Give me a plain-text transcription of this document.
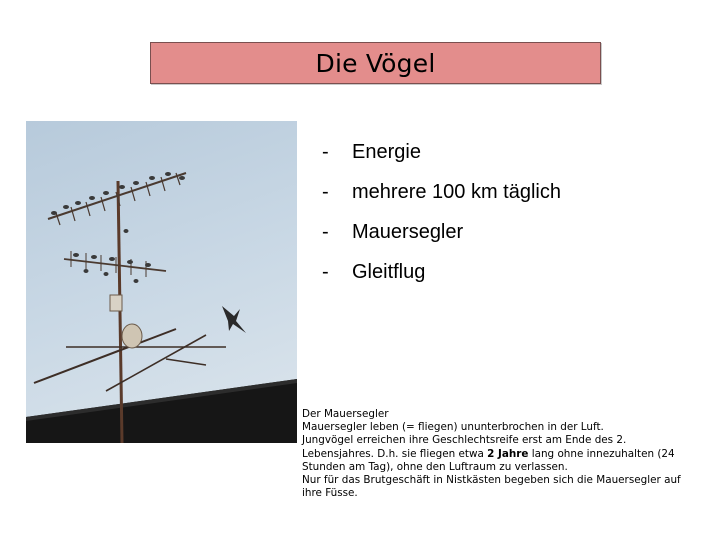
Die Vögel
-	Energie
-	mehrere 100 km täglich
-	Mauersegler
-	Gleitflug

Der Mauersegler

Mauersegler leben (= fliegen) ununterbrochen in der Luft.

Jungvögel erreichen ihre Geschlechtsreife erst am Ende des 2. Lebensjahres. D.h. sie fliegen etwa 2 Jahre lang ohne innezuhalten (24 Stunden am Tag), ohne den Luftraum zu verlassen.

Nur für das Brutgeschäft in Nistkästen begeben sich die Mauersegler auf ihre Füsse.
